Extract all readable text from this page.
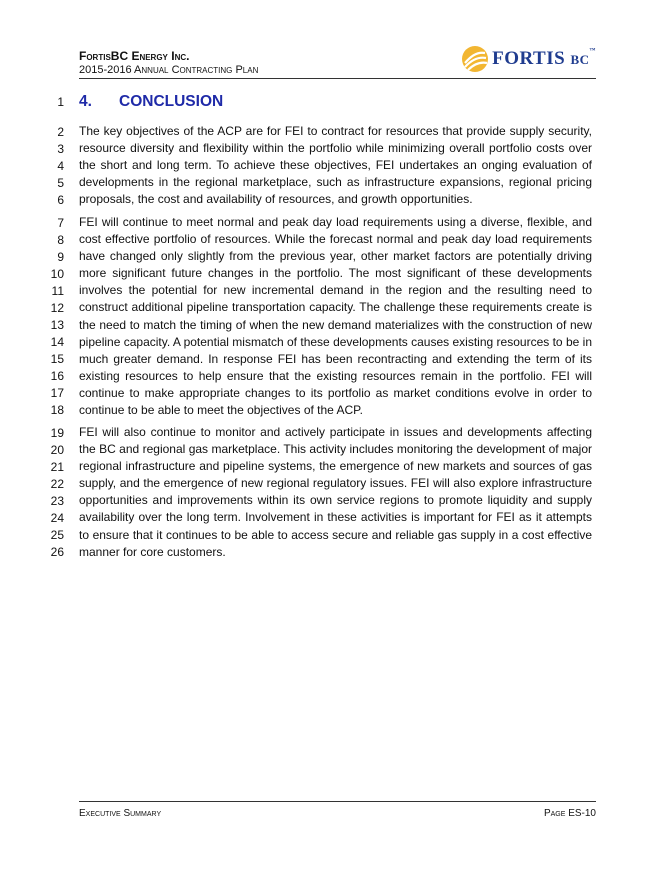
FortisBC Energy Inc.
2015-2016 Annual Contracting Plan
FORTIS BC™
1
2
3
4
5
6
7
8
9
10
11
12
13
14
15
16
17
18
19
20
21
22
23
24
25
26
4. CONCLUSION

The key objectives of the ACP are for FEI to contract for resources that provide supply security, resource diversity and flexibility within the portfolio while minimizing overall portfolio costs over the short and long term. To achieve these objectives, FEI undertakes an onging evaluation of developments in the regional marketplace, such as infrastructure expansions, regional pricing proposals, the cost and availability of resources, and growth opportunities.

FEI will continue to meet normal and peak day load requirements using a diverse, flexible, and cost effective portfolio of resources. While the forecast normal and peak day load requirements have changed only slightly from the previous year, other market factors are potentially driving more significant future changes in the portfolio. The most significant of these developments involves the potential for new incremental demand in the region and the resulting need to construct additional pipeline transportation capacity. The challenge these requirements create is the need to match the timing of when the new demand materializes with the construction of new pipeline capacity. A potential mismatch of these developments causes existing resources to be in much greater demand. In response FEI has been recontracting and extending the term of its existing resources to help ensure that the existing resources remain in the portfolio. FEI will continue to make appropriate changes to its portfolio as market conditions evolve in order to continue to be able to meet the objectives of the ACP.

FEI will also continue to monitor and actively participate in issues and developments affecting the BC and regional gas marketplace. This activity includes monitoring the development of major regional infrastructure and pipeline systems, the emergence of new markets and sources of gas supply, and the emergence of new regional regulatory issues. FEI will also explore infrastructure opportunities and improvements within its own service regions to promote liquidity and supply availability over the long term. Involvement in these activities is important for FEI as it attempts to ensure that it continues to be able to access secure and reliable gas supply in a cost effective manner for core customers.

Executive Summary	Page ES-10
